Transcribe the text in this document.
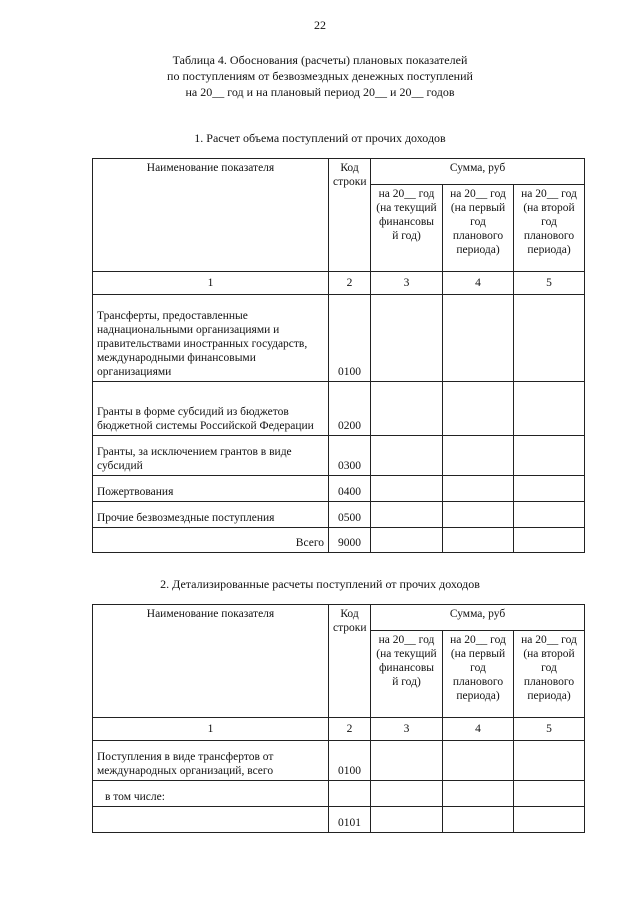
22
Таблица 4. Обоснования (расчеты) плановых показателей
по поступлениям от безвозмездных денежных поступлений
на 20__ год и на плановый период 20__ и 20__ годов
1. Расчет объема поступлений от прочих доходов
Наименование показателя	Код строки	Сумма, руб		
		на 20__ год (на текущий финансовы й год)	на 20__ год (на первый год планового периода)	на 20__ год (на второй год планового периода)
1	2	3	4	5
Трансферты, предоставленные наднациональными организациями и правительствами иностранных государств, международными финансовыми организациями	0100			
Гранты в форме субсидий из бюджетов бюджетной системы Российской Федерации	0200			
Гранты, за исключением грантов в виде субсидий	0300			
Пожертвования	0400			
Прочие безвозмездные поступления	0500			
Всего	9000			
2. Детализированные расчеты поступлений от прочих доходов
Наименование показателя	Код строки	Сумма, руб		
		на 20__ год (на текущий финансовы й год)	на 20__ год (на первый год планового периода)	на 20__ год (на второй год планового периода)
1	2	3	4	5
Поступления в виде трансфертов от международных организаций, всего	0100			
в том числе:				
	0101			
